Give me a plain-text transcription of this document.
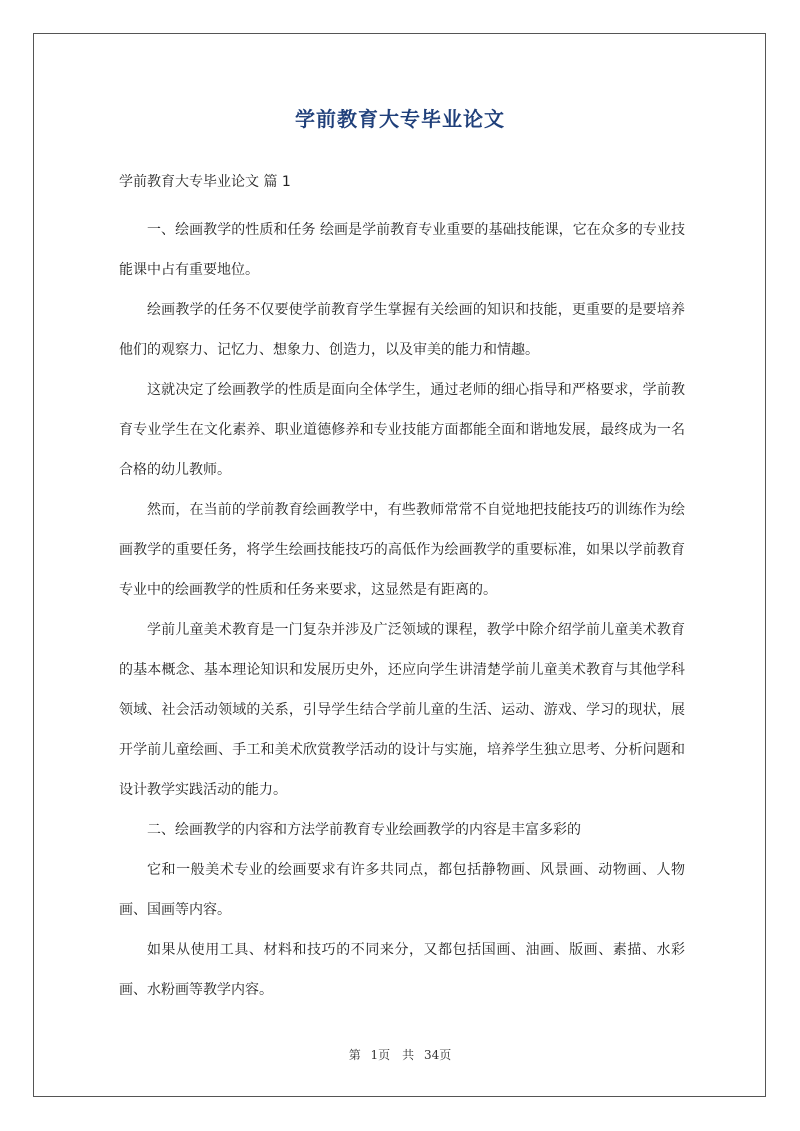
学前教育大专毕业论文

学前教育大专毕业论文 篇 1

一、绘画教学的性质和任务 绘画是学前教育专业重要的基础技能课，它在众多的专业技能课中占有重要地位。

绘画教学的任务不仅要使学前教育学生掌握有关绘画的知识和技能，更重要的是要培养他们的观察力、记忆力、想象力、创造力，以及审美的能力和情趣。

这就决定了绘画教学的性质是面向全体学生，通过老师的细心指导和严格要求，学前教育专业学生在文化素养、职业道德修养和专业技能方面都能全面和谐地发展，最终成为一名合格的幼儿教师。

然而，在当前的学前教育绘画教学中，有些教师常常不自觉地把技能技巧的训练作为绘画教学的重要任务，将学生绘画技能技巧的高低作为绘画教学的重要标准，如果以学前教育专业中的绘画教学的性质和任务来要求，这显然是有距离的。

学前儿童美术教育是一门复杂并涉及广泛领域的课程，教学中除介绍学前儿童美术教育的基本概念、基本理论知识和发展历史外，还应向学生讲清楚学前儿童美术教育与其他学科领域、社会活动领域的关系，引导学生结合学前儿童的生活、运动、游戏、学习的现状，展开学前儿童绘画、手工和美术欣赏教学活动的设计与实施，培养学生独立思考、分析问题和设计教学实践活动的能力。

二、绘画教学的内容和方法学前教育专业绘画教学的内容是丰富多彩的

它和一般美术专业的绘画要求有许多共同点，都包括静物画、风景画、动物画、人物画、国画等内容。

如果从使用工具、材料和技巧的不同来分，又都包括国画、油画、版画、素描、水彩画、水粉画等教学内容。

第 1页　共 34页
